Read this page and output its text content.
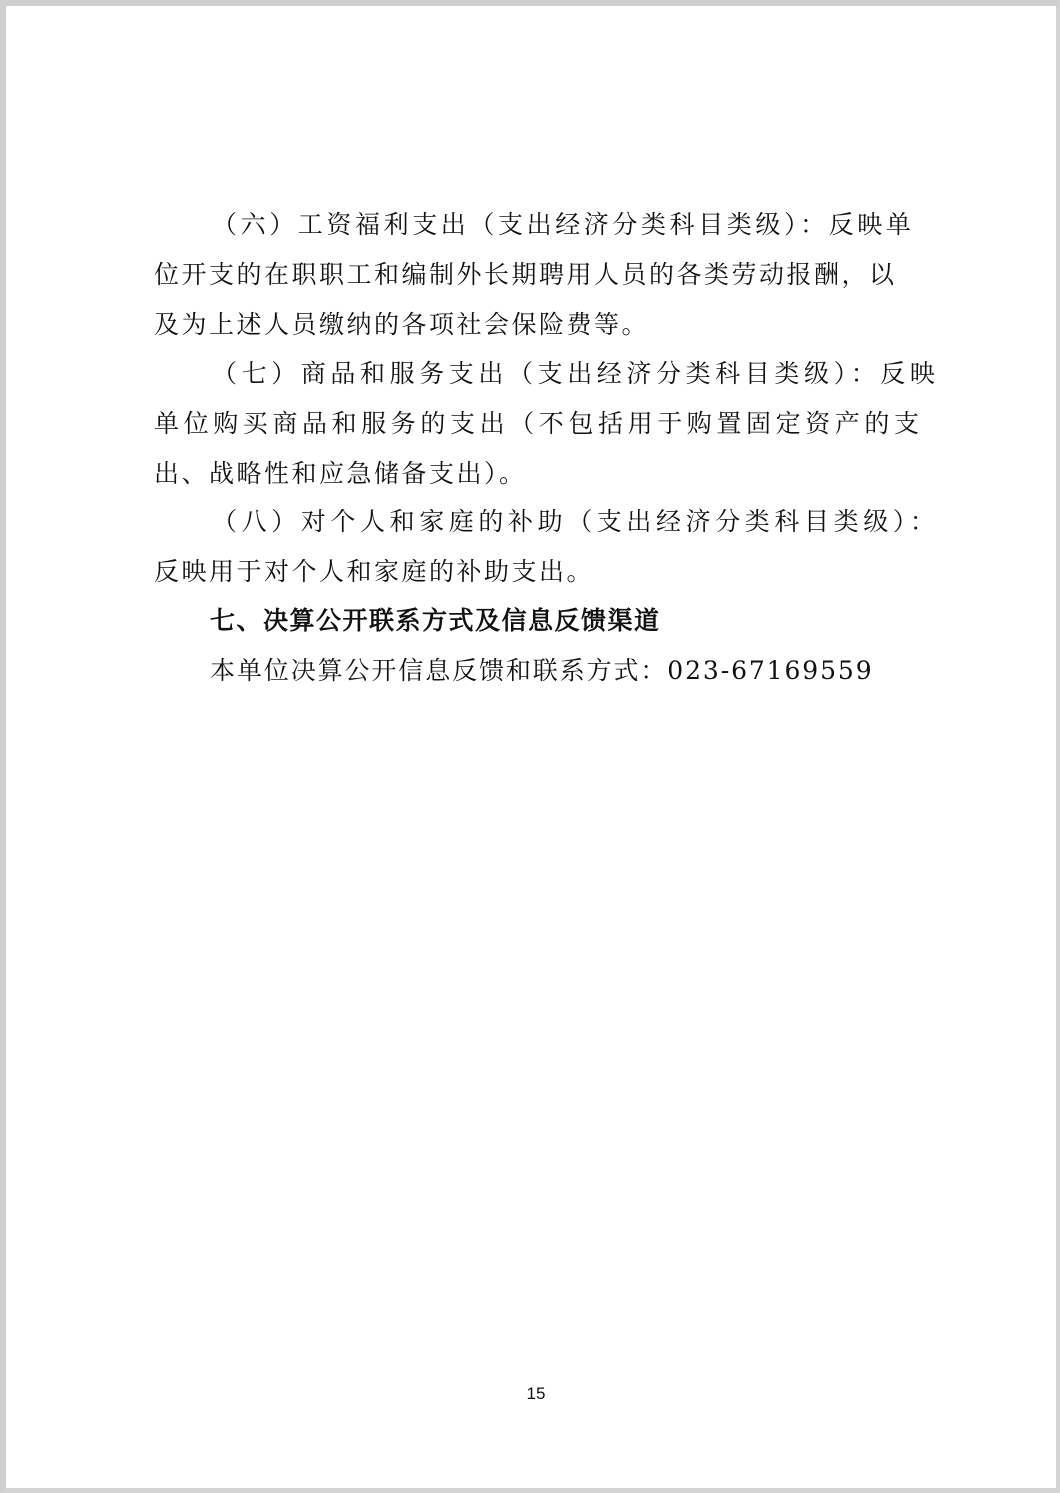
（六）工资福利支出（支出经济分类科目类级）：反映单
位开支的在职职工和编制外长期聘用人员的各类劳动报酬，以
及为上述人员缴纳的各项社会保险费等。
（七）商品和服务支出（支出经济分类科目类级）：反映
单位购买商品和服务的支出（不包括用于购置固定资产的支
出、战略性和应急储备支出）。
（八）对个人和家庭的补助（支出经济分类科目类级）：
反映用于对个人和家庭的补助支出。
七、决算公开联系方式及信息反馈渠道
本单位决算公开信息反馈和联系方式：023-67169559
15
